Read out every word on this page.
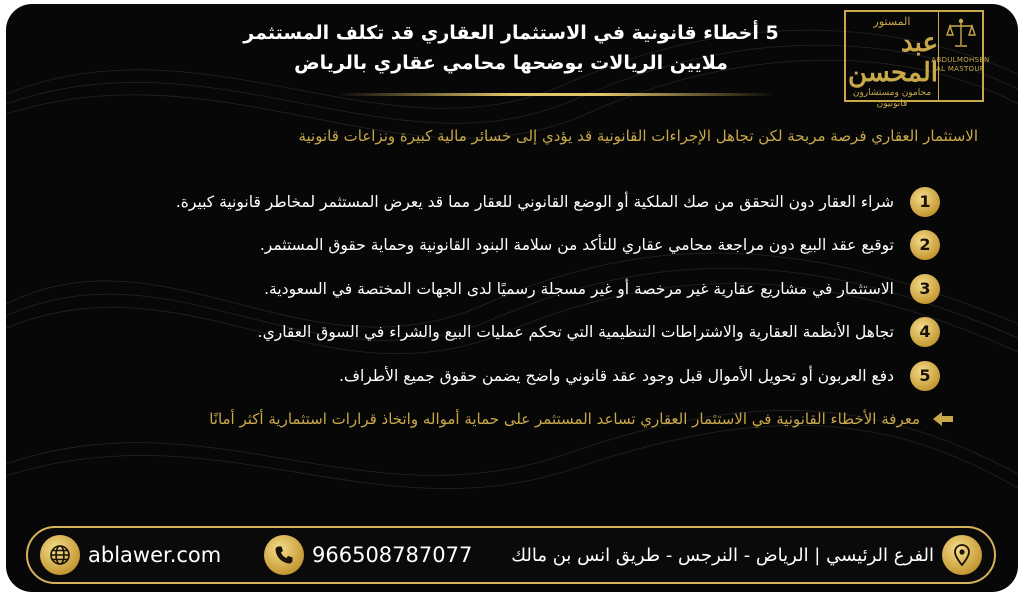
ABDULMOHSEN
AL MASTOUR
المستور
عبد المحسن
محامون ومستشارون قانونيون
5 أخطاء قانونية في الاستثمار العقاري قد تكلف المستثمر
ملايين الريالات يوضحها محامي عقاري بالرياض
الاستثمار العقاري فرصة مربحة لكن تجاهل الإجراءات القانونية قد يؤدي إلى خسائر مالية كبيرة ونزاعات قانونية
1
شراء العقار دون التحقق من صك الملكية أو الوضع القانوني للعقار مما قد يعرض المستثمر لمخاطر قانونية كبيرة.
2
توقيع عقد البيع دون مراجعة محامي عقاري للتأكد من سلامة البنود القانونية وحماية حقوق المستثمر.
3
الاستثمار في مشاريع عقارية غير مرخصة أو غير مسجلة رسميًا لدى الجهات المختصة في السعودية.
4
تجاهل الأنظمة العقارية والاشتراطات التنظيمية التي تحكم عمليات البيع والشراء في السوق العقاري.
5
دفع العربون أو تحويل الأموال قبل وجود عقد قانوني واضح يضمن حقوق جميع الأطراف.
معرفة الأخطاء القانونية في الاستثمار العقاري تساعد المستثمر على حماية أمواله واتخاذ قرارات استثمارية أكثر أمانًا
ablawer.com	966508787077 الفرع الرئيسي | الرياض - النرجس - طريق انس بن مالك
